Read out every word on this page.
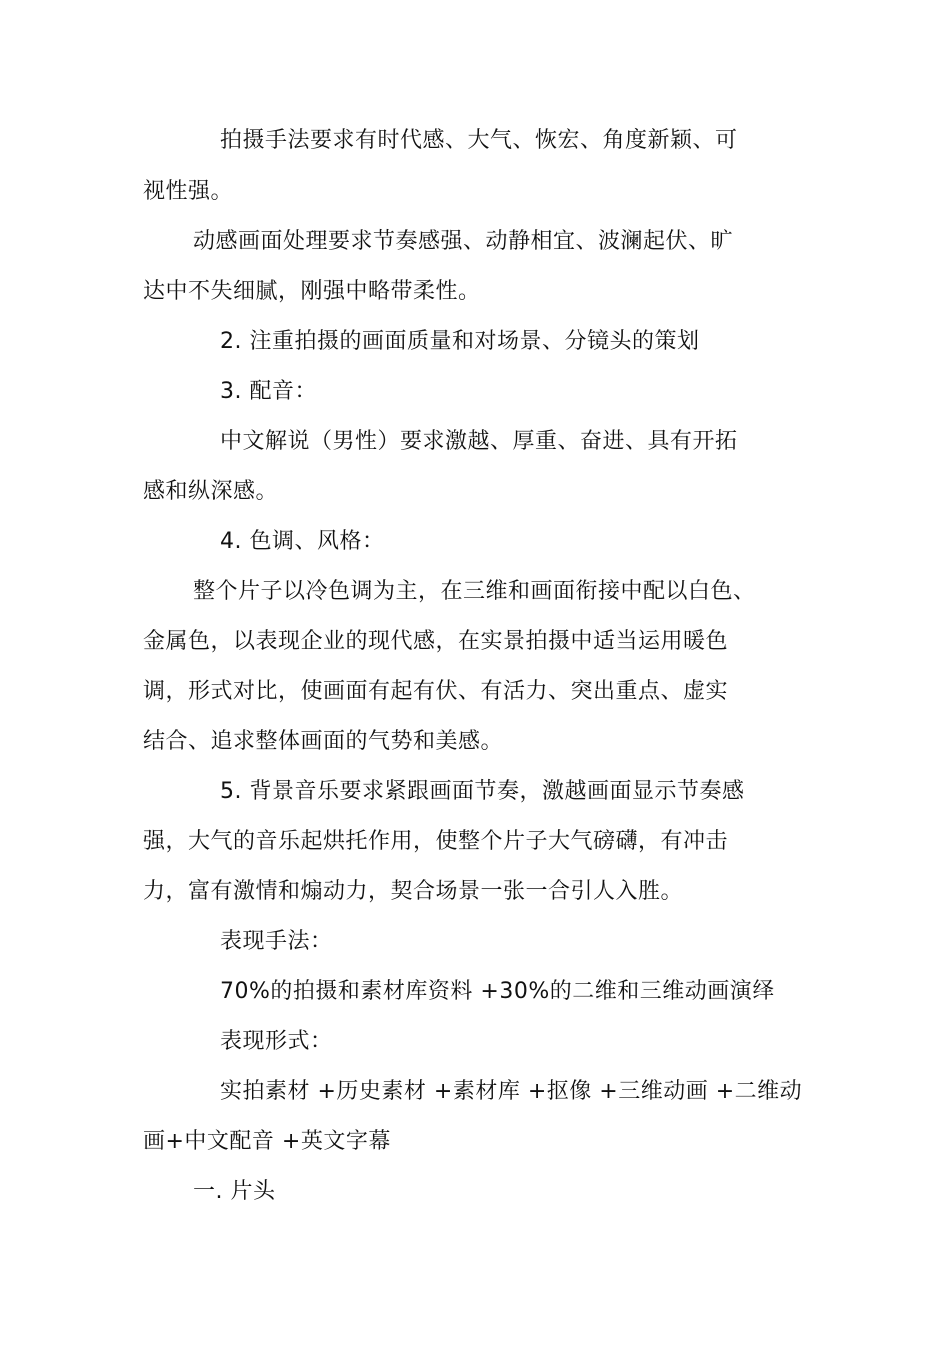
拍摄手法要求有时代感、大气、恢宏、角度新颖、可
视性强。
动感画面处理要求节奏感强、动静相宜、波澜起伏、旷
达中不失细腻，刚强中略带柔性。
2. 注重拍摄的画面质量和对场景、分镜头的策划
3. 配音：
中文解说（男性）要求激越、厚重、奋进、具有开拓
感和纵深感。
4. 色调、风格：
整个片子以冷色调为主，在三维和画面衔接中配以白色、
金属色，以表现企业的现代感，在实景拍摄中适当运用暖色
调，形式对比，使画面有起有伏、有活力、突出重点、虚实
结合、追求整体画面的气势和美感。
5. 背景音乐要求紧跟画面节奏，激越画面显示节奏感
强，大气的音乐起烘托作用，使整个片子大气磅礴，有冲击
力，富有激情和煽动力，契合场景一张一合引人入胜。
表现手法：
70%的拍摄和素材库资料 +30%的二维和三维动画演绎
表现形式：
实拍素材 +历史素材 +素材库 +抠像 +三维动画 +二维动
画+中文配音 +英文字幕
一. 片头
